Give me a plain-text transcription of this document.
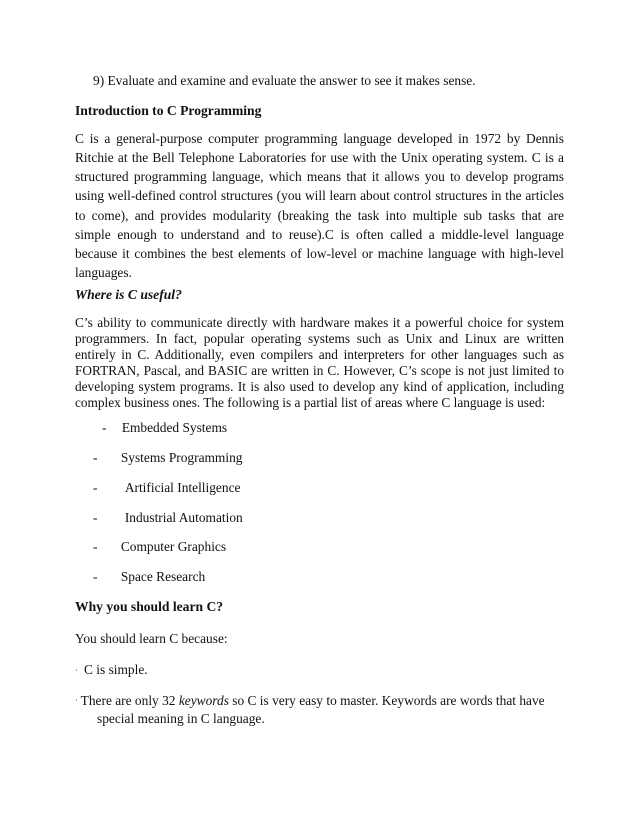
9) Evaluate and examine and evaluate the answer to see it makes sense.
Introduction to C Programming
C is a general-purpose computer programming language developed in 1972 by Dennis Ritchie at the Bell Telephone Laboratories for use with the Unix operating system. C is a structured programming language, which means that it allows you to develop programs using well-defined control structures (you will learn about control structures in the articles to come), and provides modularity (breaking the task into multiple sub tasks that are simple enough to understand and to reuse).C is often called a middle-level language because it combines the best elements of low-level or machine language with high-level languages.
Where is C useful?
C’s ability to communicate directly with hardware makes it a powerful choice for system programmers. In fact, popular operating systems such as Unix and Linux are written entirely in C. Additionally, even compilers and interpreters for other languages such as FORTRAN, Pascal, and BASIC are written in C. However, C’s scope is not just limited to developing system programs. It is also used to develop any kind of application, including complex business ones. The following is a partial list of areas where C language is used:
- Embedded Systems
- Systems Programming
- Artificial Intelligence
- Industrial Automation
- Computer Graphics
- Space Research
Why you should learn C?
You should learn C because:
· C is simple.
· There are only 32 keywords so C is very easy to master. Keywords are words that have
special meaning in C language.
